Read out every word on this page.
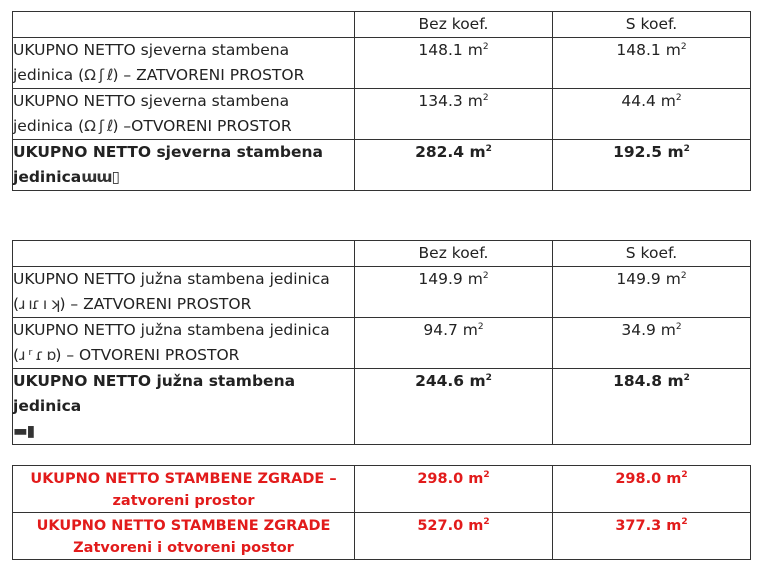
	Bez koef.	S koef.

UKUPNO NETTO sjeverna stambena
jedinica (Ω ʃ ℓ) – ZATVORENI PROSTOR	148.1 $m^2$	148.1 $m^2$

UKUPNO NETTO sjeverna stambena
jedinica (Ω ʃ ℓ) –OTVORENI PROSTOR	134.3 $m^2$	44.4 $m^2$

UKUPNO NETTO sjeverna stambena
jedinicaɯɯ▯	282.4 $m^2$	192.5 $m^2$
	Bez koef.	S koef.

UKUPNO NETTO južna stambena jedinica
(ɹ ıɾ ı ʞ) – ZATVORENI PROSTOR	149.9 $m^2$	149.9 $m^2$

UKUPNO NETTO južna stambena jedinica
(ɹ ʳ ɾ ɒ) – OTVORENI PROSTOR	94.7 $m^2$	34.9 $m^2$

UKUPNO NETTO južna stambena jedinica
▬▮	244.6 $m^2$	184.8 $m^2$
UKUPNO NETTO STAMBENE ZGRADE –
zatvoreni prostor	298.0 $m^2$	298.0 $m^2$

UKUPNO NETTO STAMBENE ZGRADE
Zatvoreni i otvoreni postor	527.0 $m^2$	377.3 $m^2$
